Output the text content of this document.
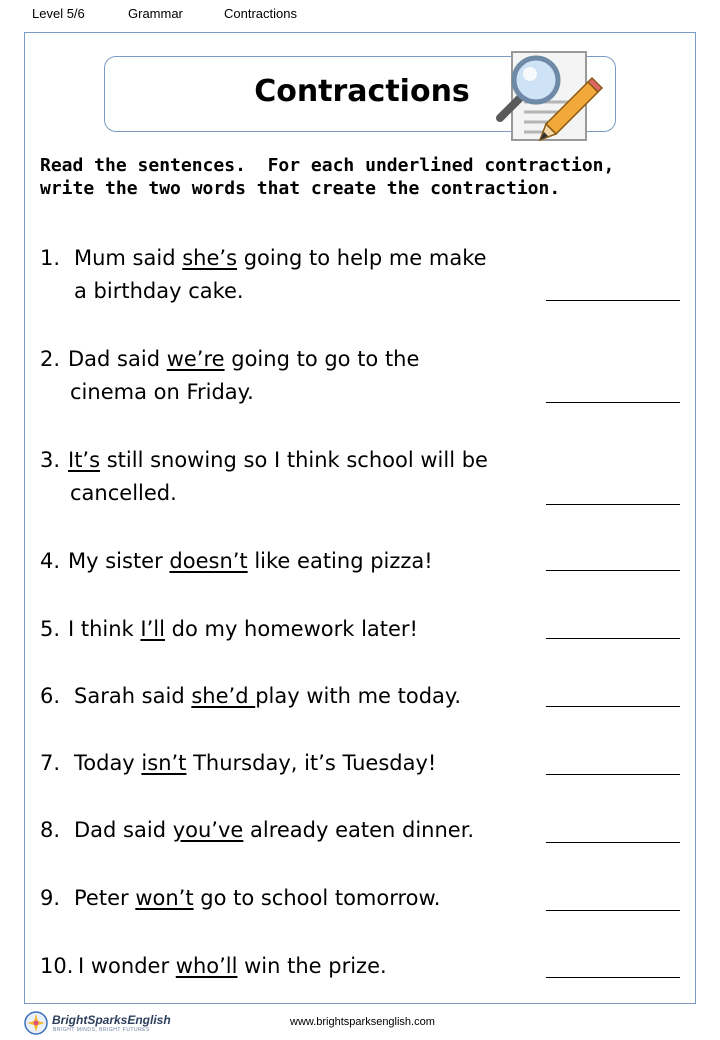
Level 5/6	Grammar	Contractions
Contractions
Read the sentences.  For each underlined contraction,
write the two words that create the contraction.
1. Mum said she’s going to help me make
a birthday cake.
2. Dad said we’re going to go to the
cinema on Friday.
3. It’s still snowing so I think school will be
cancelled.
4. My sister doesn’t like eating pizza!
5. I think I’ll do my homework later!
6. Sarah said she’d play with me today.
7. Today isn’t Thursday, it’s Tuesday!
8. Dad said you’ve already eaten dinner.
9. Peter won’t go to school tomorrow.
10. I wonder who’ll win the prize.
BrightSparksEnglish
BRIGHT MINDS, BRIGHT FUTURES
www.brightsparksenglish.com
